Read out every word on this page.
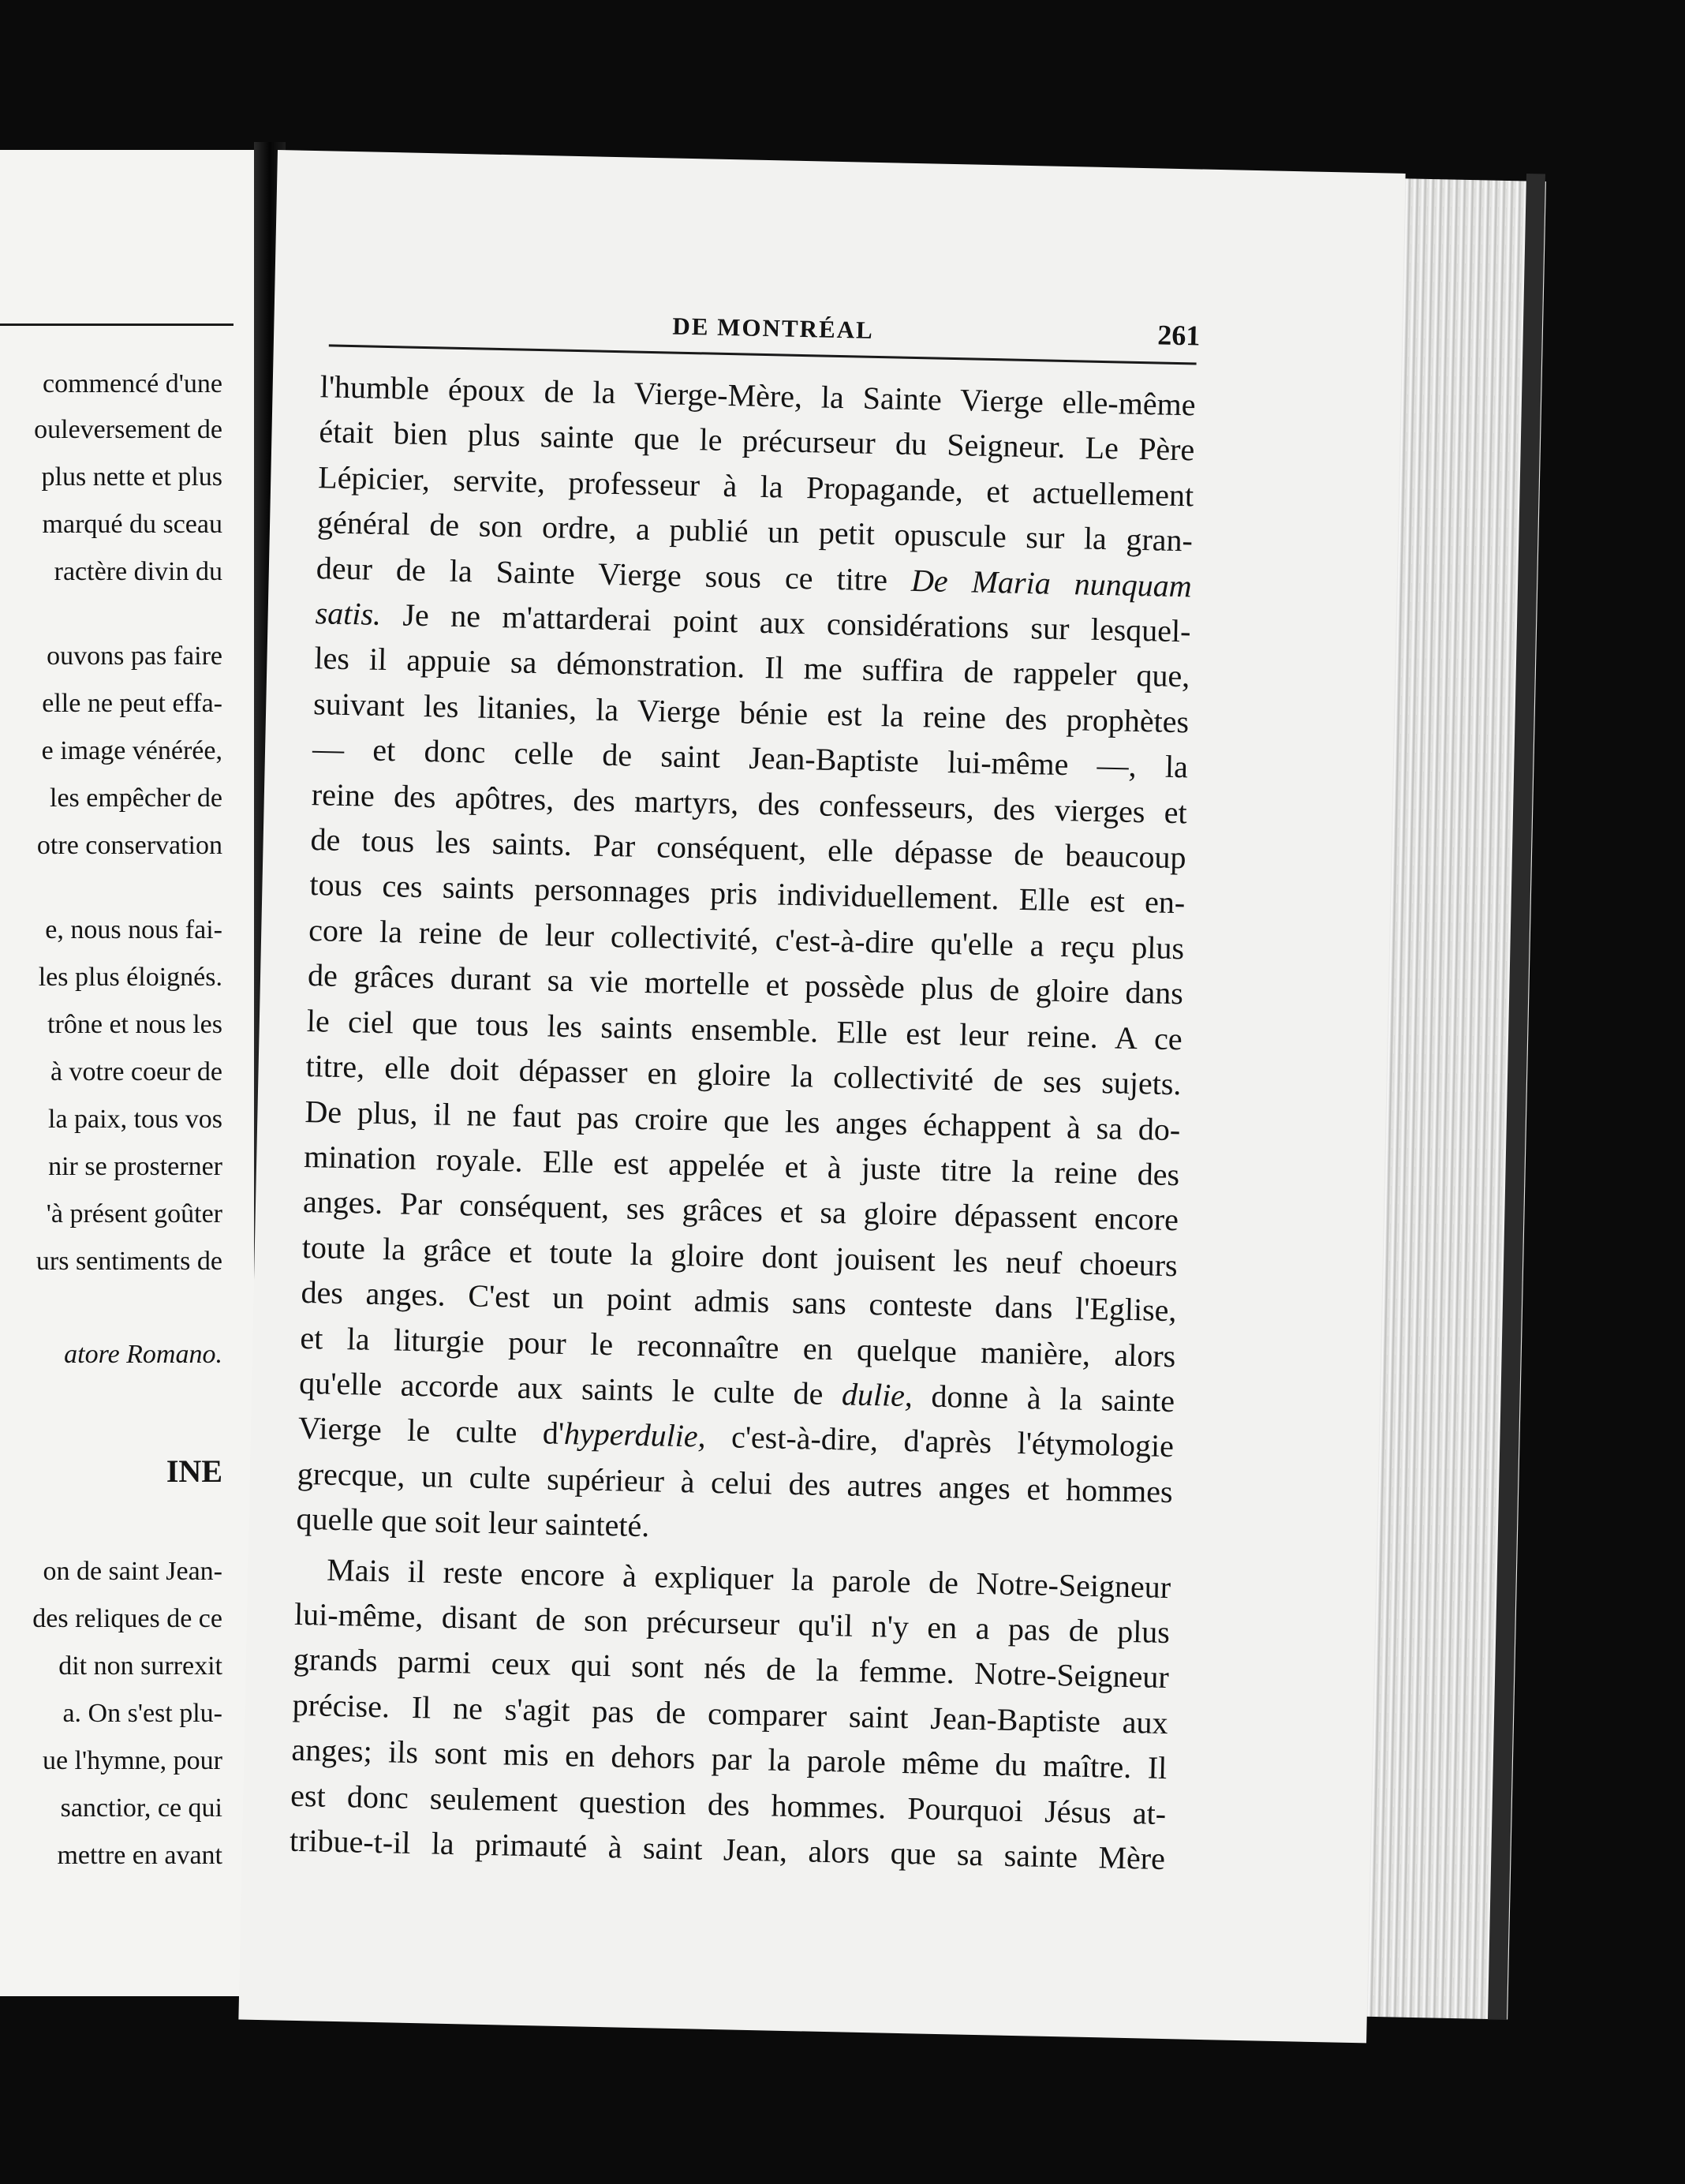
commencé d'une
ouleversement de
plus nette et plus
marqué du sceau
ractère divin du
ouvons pas faire
elle ne peut effa-
e image vénérée,
les empêcher de
otre conservation
e, nous nous fai-
les plus éloignés.
trône et nous les
à votre coeur de
la paix, tous vos
nir se prosterner
'à présent goûter
urs sentiments de
atore Romano.
INE
on de saint Jean-
des reliques de ce
dit non surrexit
a. On s'est plu-
ue l'hymne, pour
sanctior, ce qui
mettre en avant
DE MONTRÉAL	261

l'humble époux de la Vierge-Mère, la Sainte Vierge elle-même
était bien plus sainte que le précurseur du Seigneur. Le Père
Lépicier, servite, professeur à la Propagande, et actuellement
général de son ordre, a publié un petit opuscule sur la gran-
deur de la Sainte Vierge sous ce titre De Maria nunquam
satis. Je ne m'attarderai point aux considérations sur lesquel-
les il appuie sa démonstration. Il me suffira de rappeler que,
suivant les litanies, la Vierge bénie est la reine des prophètes
— et donc celle de saint Jean-Baptiste lui-même —, la
reine des apôtres, des martyrs, des confesseurs, des vierges et
de tous les saints. Par conséquent, elle dépasse de beaucoup
tous ces saints personnages pris individuellement. Elle est en-
core la reine de leur collectivité, c'est-à-dire qu'elle a reçu plus
de grâces durant sa vie mortelle et possède plus de gloire dans
le ciel que tous les saints ensemble. Elle est leur reine. A ce
titre, elle doit dépasser en gloire la collectivité de ses sujets.
De plus, il ne faut pas croire que les anges échappent à sa do-
mination royale. Elle est appelée et à juste titre la reine des
anges. Par conséquent, ses grâces et sa gloire dépassent encore
toute la grâce et toute la gloire dont jouisent les neuf choeurs
des anges. C'est un point admis sans conteste dans l'Eglise,
et la liturgie pour le reconnaître en quelque manière, alors
qu'elle accorde aux saints le culte de dulie, donne à la sainte
Vierge le culte d'hyperdulie, c'est-à-dire, d'après l'étymologie
grecque, un culte supérieur à celui des autres anges et hommes
quelle que soit leur sainteté.

Mais il reste encore à expliquer la parole de Notre-Seigneur
lui-même, disant de son précurseur qu'il n'y en a pas de plus
grands parmi ceux qui sont nés de la femme. Notre-Seigneur
précise. Il ne s'agit pas de comparer saint Jean-Baptiste aux
anges; ils sont mis en dehors par la parole même du maître. Il
est donc seulement question des hommes. Pourquoi Jésus at-
tribue-t-il la primauté à saint Jean, alors que sa sainte Mère
